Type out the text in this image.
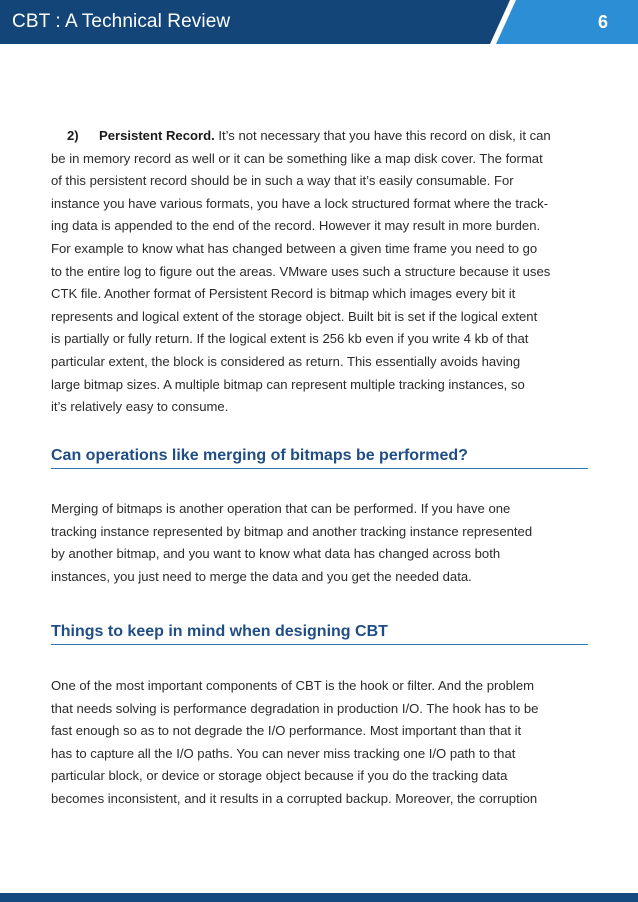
CBT : A Technical Review	6
2) Persistent Record. It’s not necessary that you have this record on disk, it can
be in memory record as well or it can be something like a map disk cover. The format
of this persistent record should be in such a way that it’s easily consumable. For
instance you have various formats, you have a lock structured format where the track-
ing data is appended to the end of the record. However it may result in more burden.
For example to know what has changed between a given time frame you need to go
to the entire log to figure out the areas. VMware uses such a structure because it uses
CTK file. Another format of Persistent Record is bitmap which images every bit it
represents and logical extent of the storage object. Built bit is set if the logical extent
is partially or fully return. If the logical extent is 256 kb even if you write 4 kb of that
particular extent, the block is considered as return. This essentially avoids having
large bitmap sizes. A multiple bitmap can represent multiple tracking instances, so
it’s relatively easy to consume.
Can operations like merging of bitmaps be performed?
Merging of bitmaps is another operation that can be performed. If you have one
tracking instance represented by bitmap and another tracking instance represented
by another bitmap, and you want to know what data has changed across both
instances, you just need to merge the data and you get the needed data.
Things to keep in mind when designing CBT
One of the most important components of CBT is the hook or filter. And the problem
that needs solving is performance degradation in production I/O. The hook has to be
fast enough so as to not degrade the I/O performance. Most important than that it
has to capture all the I/O paths. You can never miss tracking one I/O path to that
particular block, or device or storage object because if you do the tracking data
becomes inconsistent, and it results in a corrupted backup. Moreover, the corruption
